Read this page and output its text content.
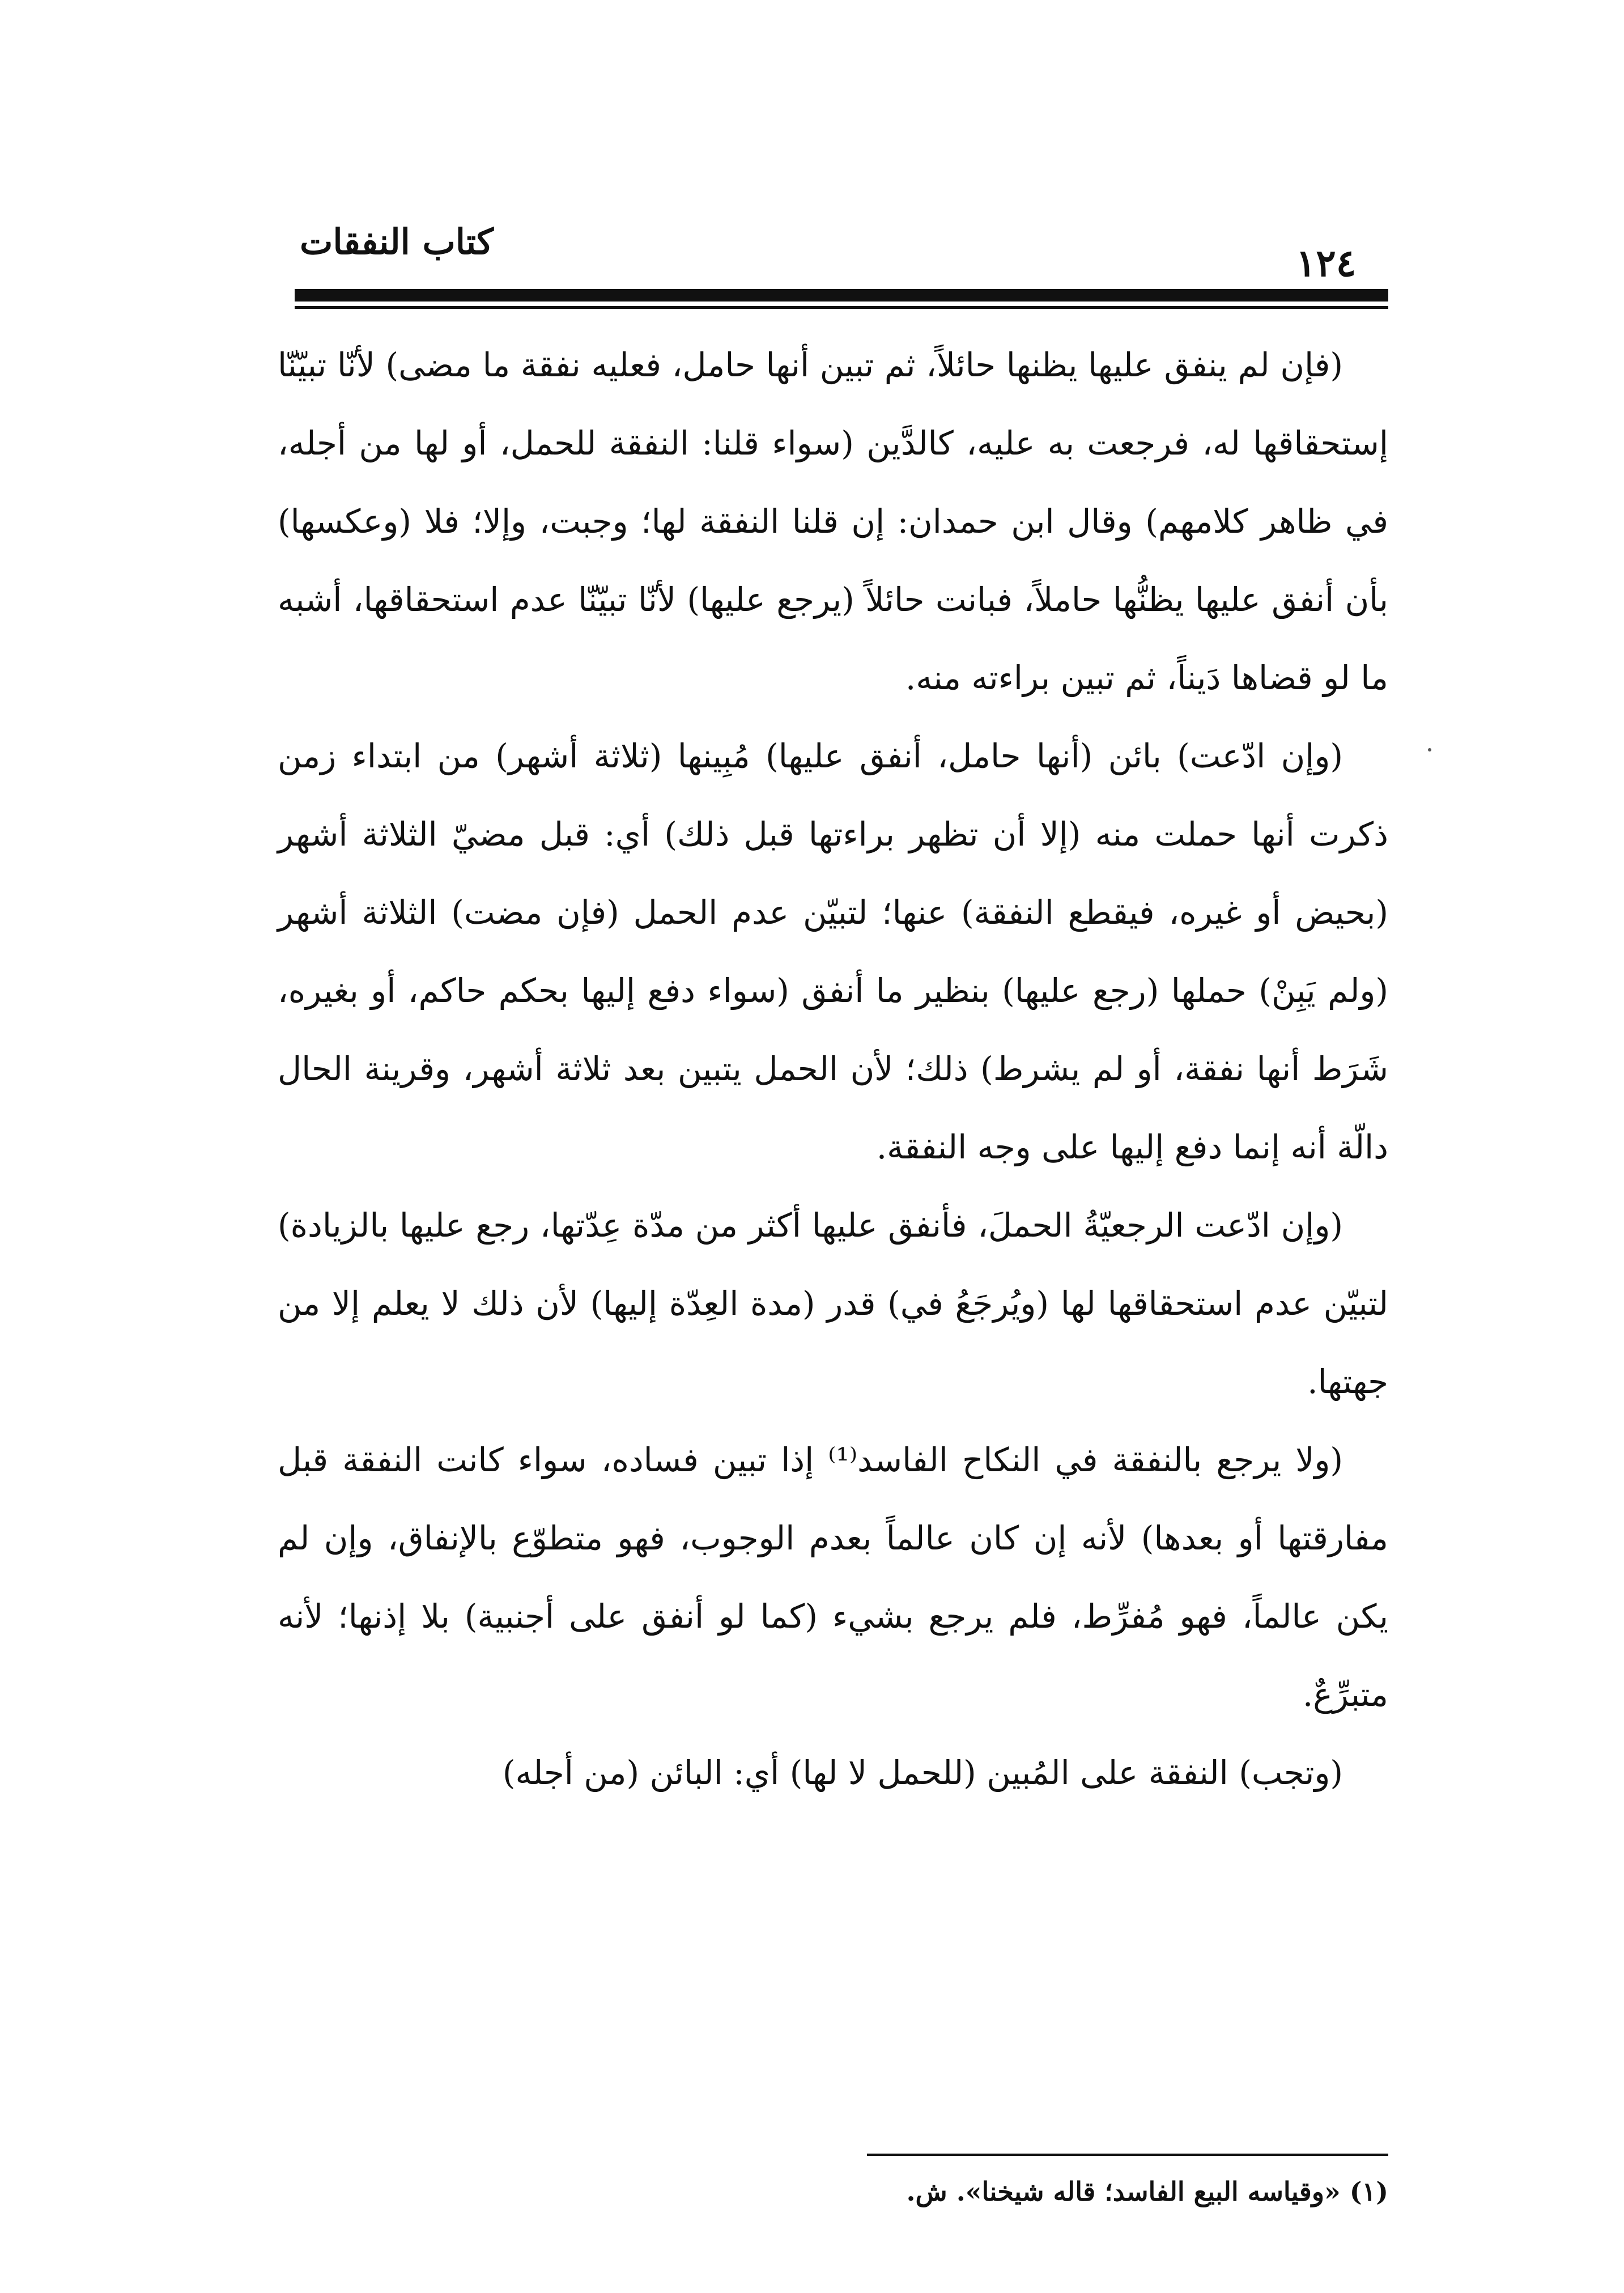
كتاب النفقات	١٢٤

(فإن لم ينفق عليها يظنها حائلاً، ثم تبين أنها حامل، فعليه نفقة ما مضى) لأنّا تبيّنّا إستحقاقها له، فرجعت به عليه، كالدَّين (سواء قلنا: النفقة للحمل، أو لها من أجله، في ظاهر كلامهم) وقال ابن حمدان: إن قلنا النفقة لها؛ وجبت، وإلا؛ فلا (وعكسها) بأن أنفق عليها يظنُّها حاملاً، فبانت حائلاً (يرجع عليها) لأنّا تبيّنّا عدم استحقاقها، أشبه ما لو قضاها دَيناً، ثم تبين براءته منه.

(وإن ادّعت) بائن (أنها حامل، أنفق عليها) مُبِينها (ثلاثة أشهر) من ابتداء زمن ذكرت أنها حملت منه (إلا أن تظهر براءتها قبل ذلك) أي: قبل مضيّ الثلاثة أشهر (بحيض أو غيره، فيقطع النفقة) عنها؛ لتبيّن عدم الحمل (فإن مضت) الثلاثة أشهر (ولم يَبِنْ) حملها (رجع عليها) بنظير ما أنفق (سواء دفع إليها بحكم حاكم، أو بغيره، شَرَط أنها نفقة، أو لم يشرط) ذلك؛ لأن الحمل يتبين بعد ثلاثة أشهر، وقرينة الحال دالّة أنه إنما دفع إليها على وجه النفقة.

(وإن ادّعت الرجعيّةُ الحملَ، فأنفق عليها أكثر من مدّة عِدّتها، رجع عليها بالزيادة) لتبيّن عدم استحقاقها لها (ويُرجَعُ في) قدر (مدة العِدّة إليها) لأن ذلك لا يعلم إلا من جهتها.

(ولا يرجع بالنفقة في النكاح الفاسد⁽¹⁾ إذا تبين فساده، سواء كانت النفقة قبل مفارقتها أو بعدها) لأنه إن كان عالماً بعدم الوجوب، فهو متطوّع بالإنفاق، وإن لم يكن عالماً، فهو مُفرِّط، فلم يرجع بشيء (كما لو أنفق على أجنبية) بلا إذنها؛ لأنه متبرِّعٌ.

(وتجب) النفقة على المُبين (للحمل لا لها) أي: البائن (من أجله)

(١) «وقياسه البيع الفاسد؛ قاله شيخنا». ش.
